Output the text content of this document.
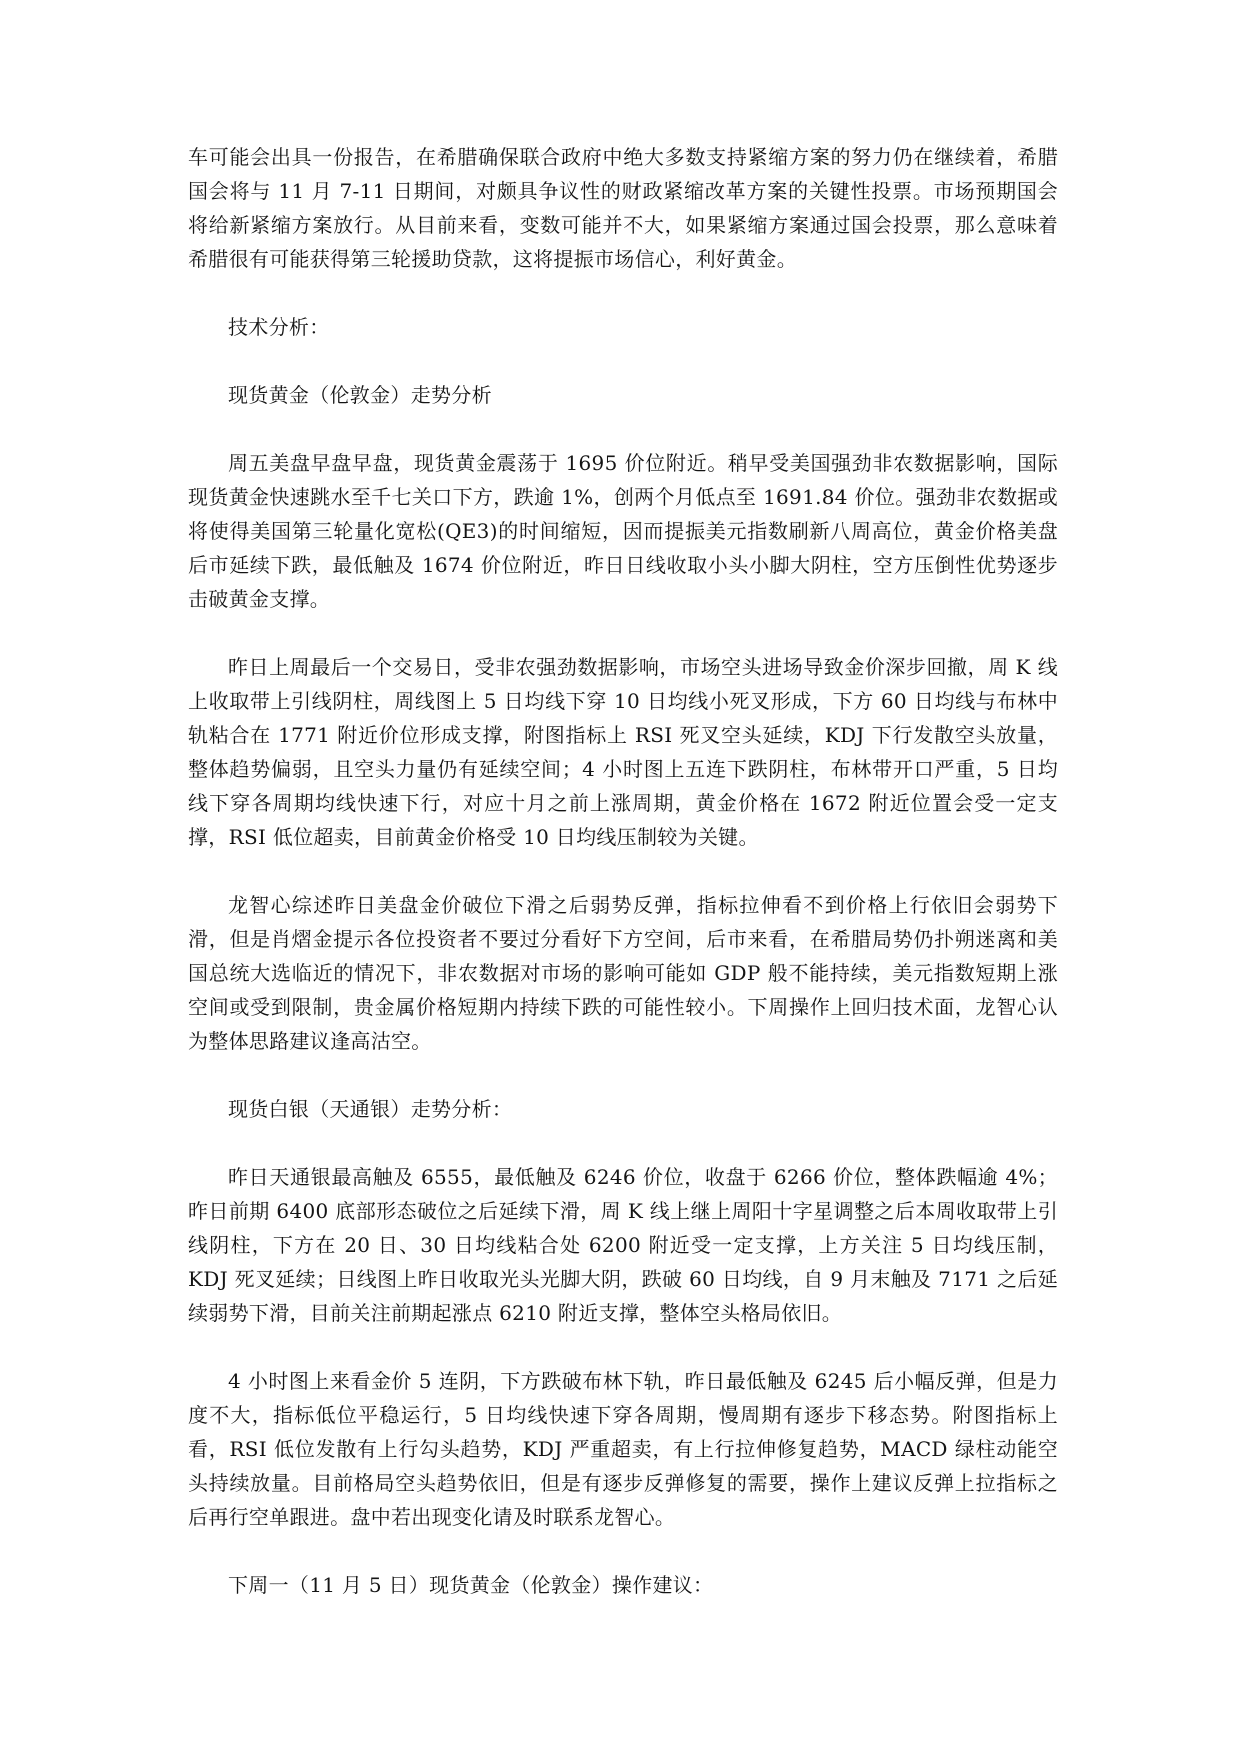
车可能会出具一份报告，在希腊确保联合政府中绝大多数支持紧缩方案的努力仍在继续着，希腊国会将与 11 月 7-11 日期间，对颇具争议性的财政紧缩改革方案的关键性投票。市场预期国会将给新紧缩方案放行。从目前来看，变数可能并不大，如果紧缩方案通过国会投票，那么意味着希腊很有可能获得第三轮援助贷款，这将提振市场信心，利好黄金。

技术分析：

现货黄金（伦敦金）走势分析

周五美盘早盘早盘，现货黄金震荡于 1695 价位附近。稍早受美国强劲非农数据影响，国际现货黄金快速跳水至千七关口下方，跌逾 1%，创两个月低点至 1691.84 价位。强劲非农数据或将使得美国第三轮量化宽松(QE3)的时间缩短，因而提振美元指数刷新八周高位，黄金价格美盘后市延续下跌，最低触及 1674 价位附近，昨日日线收取小头小脚大阴柱，空方压倒性优势逐步击破黄金支撑。

昨日上周最后一个交易日，受非农强劲数据影响，市场空头进场导致金价深步回撤，周 K 线上收取带上引线阴柱，周线图上 5 日均线下穿 10 日均线小死叉形成，下方 60 日均线与布林中轨粘合在 1771 附近价位形成支撑，附图指标上 RSI 死叉空头延续，KDJ 下行发散空头放量，整体趋势偏弱，且空头力量仍有延续空间；4 小时图上五连下跌阴柱，布林带开口严重，5 日均线下穿各周期均线快速下行，对应十月之前上涨周期，黄金价格在 1672 附近位置会受一定支撑，RSI 低位超卖，目前黄金价格受 10 日均线压制较为关键。

龙智心综述昨日美盘金价破位下滑之后弱势反弹，指标拉伸看不到价格上行依旧会弱势下滑，但是肖熠金提示各位投资者不要过分看好下方空间，后市来看，在希腊局势仍扑朔迷离和美国总统大选临近的情况下，非农数据对市场的影响可能如 GDP 般不能持续，美元指数短期上涨空间或受到限制，贵金属价格短期内持续下跌的可能性较小。下周操作上回归技术面，龙智心认为整体思路建议逢高沽空。

现货白银（天通银）走势分析：

昨日天通银最高触及 6555，最低触及 6246 价位，收盘于 6266 价位，整体跌幅逾 4%；昨日前期 6400 底部形态破位之后延续下滑，周 K 线上继上周阳十字星调整之后本周收取带上引线阴柱，下方在 20 日、30 日均线粘合处 6200 附近受一定支撑，上方关注 5 日均线压制，KDJ 死叉延续；日线图上昨日收取光头光脚大阴，跌破 60 日均线，自 9 月末触及 7171 之后延续弱势下滑，目前关注前期起涨点 6210 附近支撑，整体空头格局依旧。

4 小时图上来看金价 5 连阴，下方跌破布林下轨，昨日最低触及 6245 后小幅反弹，但是力度不大，指标低位平稳运行，5 日均线快速下穿各周期，慢周期有逐步下移态势。附图指标上看，RSI 低位发散有上行勾头趋势，KDJ 严重超卖，有上行拉伸修复趋势，MACD 绿柱动能空头持续放量。目前格局空头趋势依旧，但是有逐步反弹修复的需要，操作上建议反弹上拉指标之后再行空单跟进。盘中若出现变化请及时联系龙智心。

下周一（11 月 5 日）现货黄金（伦敦金）操作建议：
